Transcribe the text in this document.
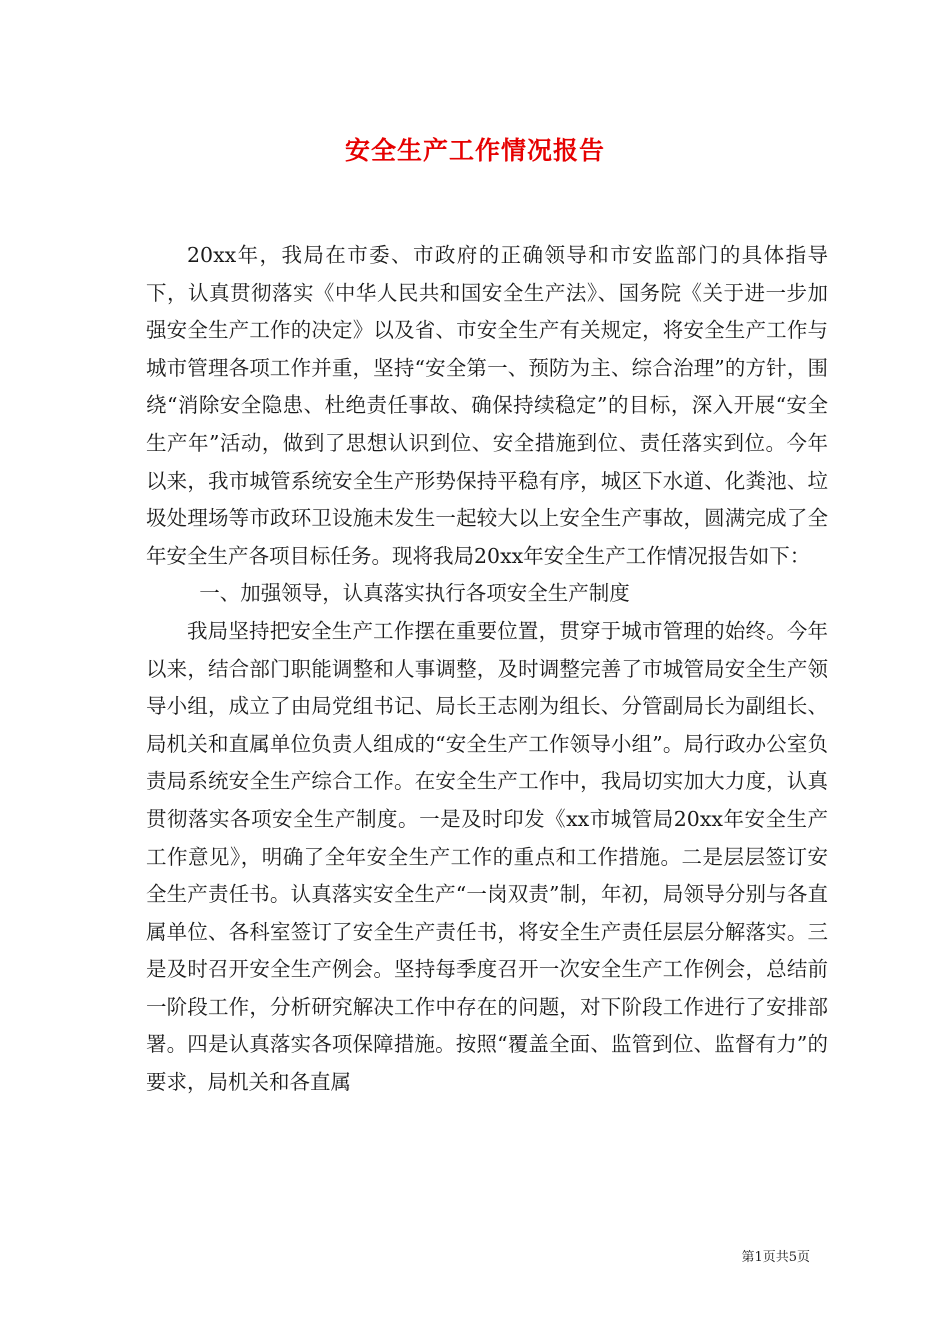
安全生产工作情况报告

20xx年，我局在市委、市政府的正确领导和市安监部门的具体指导下，认真贯彻落实《中华人民共和国安全生产法》、国务院《关于进一步加强安全生产工作的决定》以及省、市安全生产有关规定，将安全生产工作与城市管理各项工作并重，坚持“安全第一、预防为主、综合治理”的方针，围绕“消除安全隐患、杜绝责任事故、确保持续稳定”的目标，深入开展“安全生产年”活动，做到了思想认识到位、安全措施到位、责任落实到位。今年以来，我市城管系统安全生产形势保持平稳有序，城区下水道、化粪池、垃圾处理场等市政环卫设施未发生一起较大以上安全生产事故，圆满完成了全年安全生产各项目标任务。现将我局20xx年安全生产工作情况报告如下：

一、加强领导，认真落实执行各项安全生产制度

我局坚持把安全生产工作摆在重要位置，贯穿于城市管理的始终。今年以来，结合部门职能调整和人事调整，及时调整完善了市城管局安全生产领导小组，成立了由局党组书记、局长王志刚为组长、分管副局长为副组长、局机关和直属单位负责人组成的“安全生产工作领导小组”。局行政办公室负责局系统安全生产综合工作。在安全生产工作中，我局切实加大力度，认真贯彻落实各项安全生产制度。一是及时印发《xx市城管局20xx年安全生产工作意见》，明确了全年安全生产工作的重点和工作措施。二是层层签订安全生产责任书。认真落实安全生产“一岗双责”制，年初，局领导分别与各直属单位、各科室签订了安全生产责任书，将安全生产责任层层分解落实。三是及时召开安全生产例会。坚持每季度召开一次安全生产工作例会，总结前一阶段工作，分析研究解决工作中存在的问题，对下阶段工作进行了安排部署。四是认真落实各项保障措施。按照“覆盖全面、监管到位、监督有力”的要求，局机关和各直属

第1页共5页
